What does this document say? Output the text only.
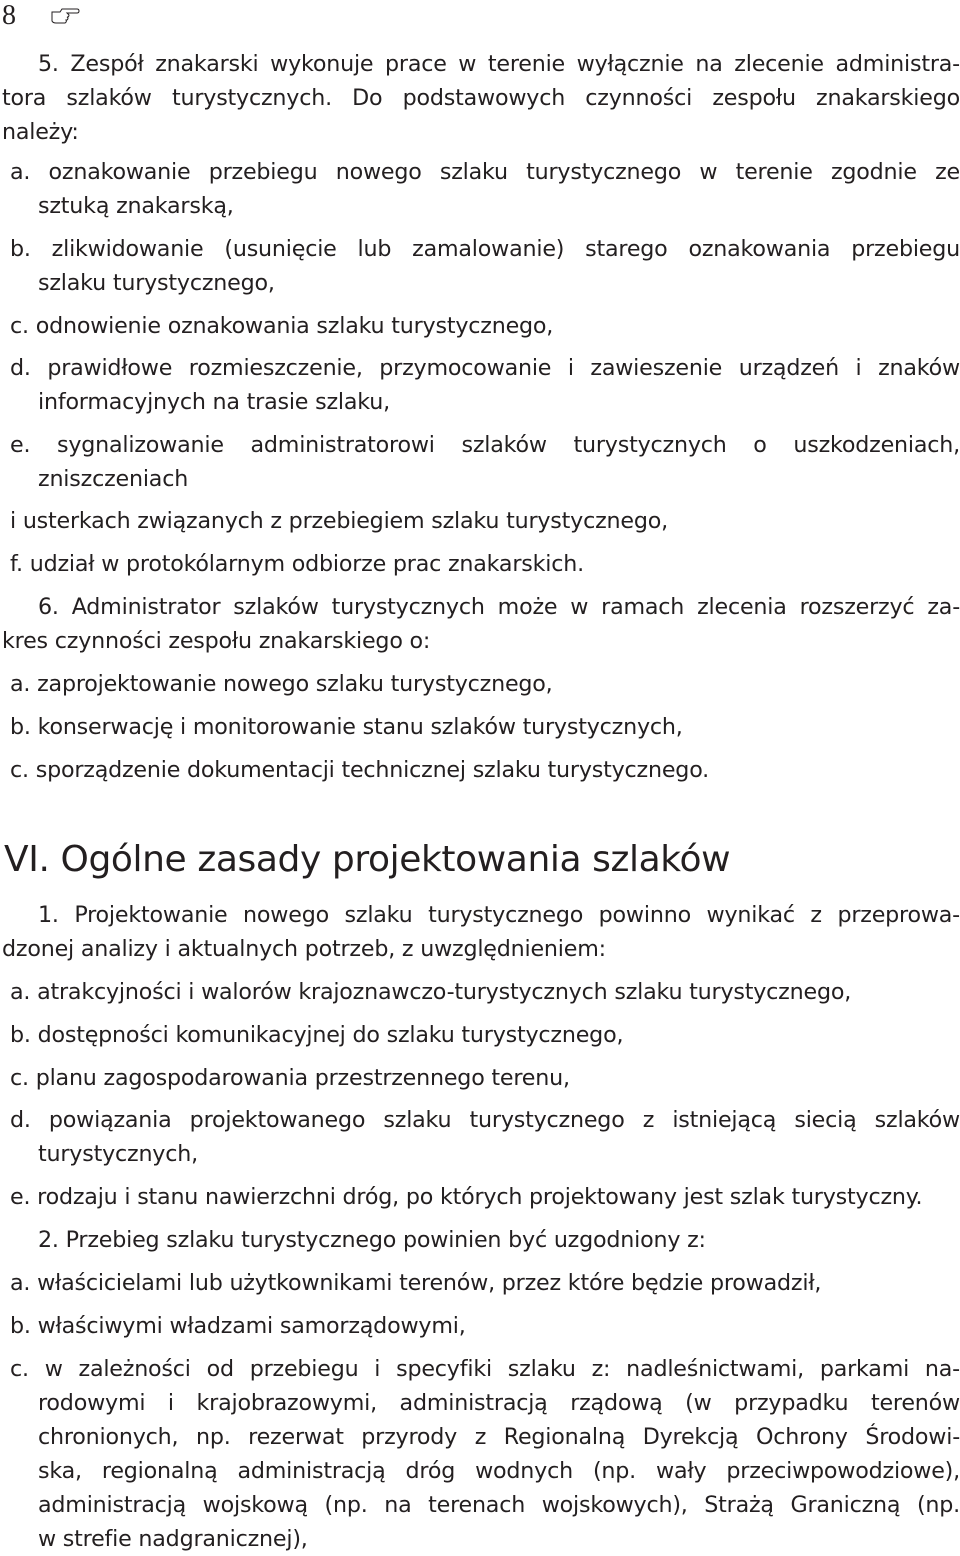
8
5. Zespół znakarski wykonuje prace w terenie wyłącznie na zlecenie administra-
tora szlaków turystycznych. Do podstawowych czynności zespołu znakarskiego
należy:
a. oznakowanie przebiegu nowego szlaku turystycznego w terenie zgodnie ze
sztuką znakarską,
b. zlikwidowanie (usunięcie lub zamalowanie) starego oznakowania przebiegu
szlaku turystycznego,
c. odnowienie oznakowania szlaku turystycznego,
d. prawidłowe rozmieszczenie, przymocowanie i zawieszenie urządzeń i znaków
informacyjnych na trasie szlaku,
e. sygnalizowanie administratorowi szlaków turystycznych o uszkodzeniach,
zniszczeniach
i usterkach związanych z przebiegiem szlaku turystycznego,
f. udział w protokólarnym odbiorze prac znakarskich.
6. Administrator szlaków turystycznych może w ramach zlecenia rozszerzyć za-
kres czynności zespołu znakarskiego o:
a. zaprojektowanie nowego szlaku turystycznego,
b. konserwację i monitorowanie stanu szlaków turystycznych,
c. sporządzenie dokumentacji technicznej szlaku turystycznego.
VI. Ogólne zasady projektowania szlaków
1. Projektowanie nowego szlaku turystycznego powinno wynikać z przeprowa-
dzonej analizy i aktualnych potrzeb, z uwzględnieniem:
a. atrakcyjności i walorów krajoznawczo-turystycznych szlaku turystycznego,
b. dostępności komunikacyjnej do szlaku turystycznego,
c. planu zagospodarowania przestrzennego terenu,
d. powiązania projektowanego szlaku turystycznego z istniejącą siecią szlaków
turystycznych,
e. rodzaju i stanu nawierzchni dróg, po których projektowany jest szlak turystyczny.
2. Przebieg szlaku turystycznego powinien być uzgodniony z:
a. właścicielami lub użytkownikami terenów, przez które będzie prowadził,
b. właściwymi władzami samorządowymi,
c. w zależności od przebiegu i specyfiki szlaku z: nadleśnictwami, parkami na-
rodowymi i krajobrazowymi, administracją rządową (w przypadku terenów
chronionych, np. rezerwat przyrody z Regionalną Dyrekcją Ochrony Środowi-
ska, regionalną administracją dróg wodnych (np. wały przeciwpowodziowe),
administracją wojskową (np. na terenach wojskowych), Strażą Graniczną (np.
w strefie nadgranicznej),
